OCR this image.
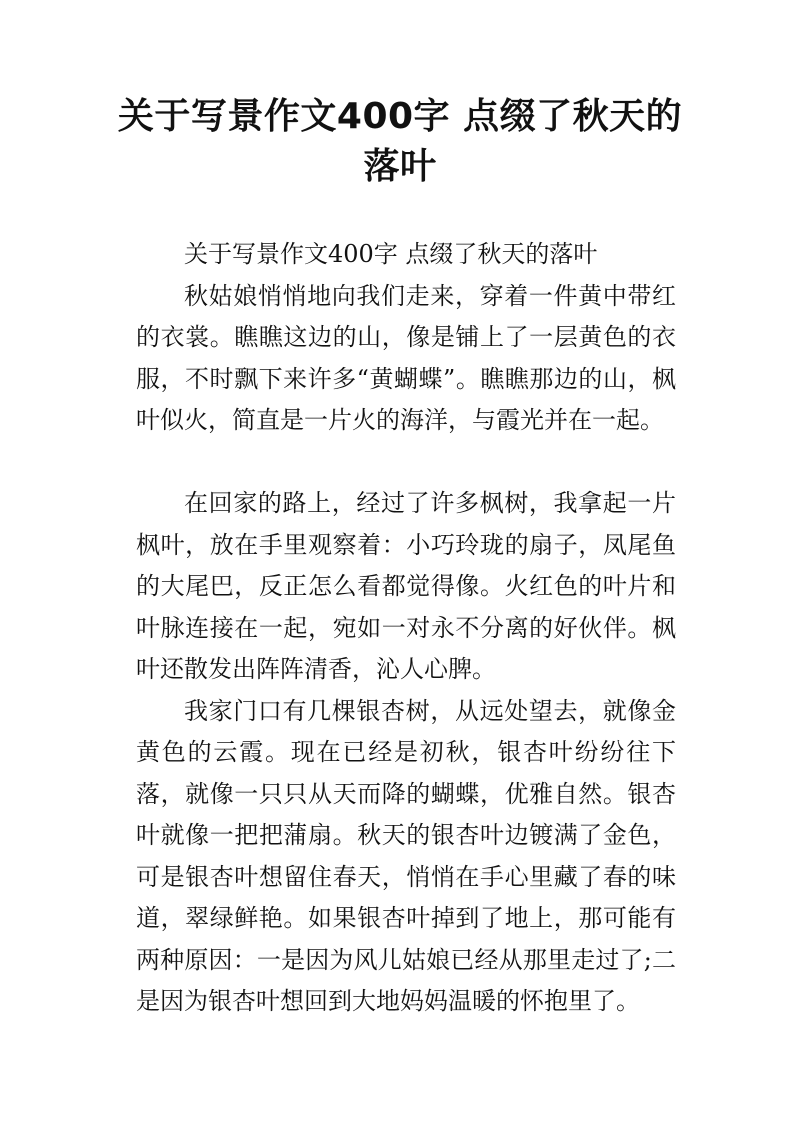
关于写景作文400字 点缀了秋天的落叶

关于写景作文400字 点缀了秋天的落叶

秋姑娘悄悄地向我们走来，穿着一件黄中带红的衣裳。瞧瞧这边的山，像是铺上了一层黄色的衣服，不时飘下来许多“黄蝴蝶”。瞧瞧那边的山，枫叶似火，简直是一片火的海洋，与霞光并在一起。

在回家的路上，经过了许多枫树，我拿起一片枫叶，放在手里观察着：小巧玲珑的扇子，凤尾鱼的大尾巴，反正怎么看都觉得像。火红色的叶片和叶脉连接在一起，宛如一对永不分离的好伙伴。枫叶还散发出阵阵清香，沁人心脾。

我家门口有几棵银杏树，从远处望去，就像金黄色的云霞。现在已经是初秋，银杏叶纷纷往下落，就像一只只从天而降的蝴蝶，优雅自然。银杏叶就像一把把蒲扇。秋天的银杏叶边镀满了金色，可是银杏叶想留住春天，悄悄在手心里藏了春的味道，翠绿鲜艳。如果银杏叶掉到了地上，那可能有两种原因：一是因为风儿姑娘已经从那里走过了;二是因为银杏叶想回到大地妈妈温暖的怀抱里了。
